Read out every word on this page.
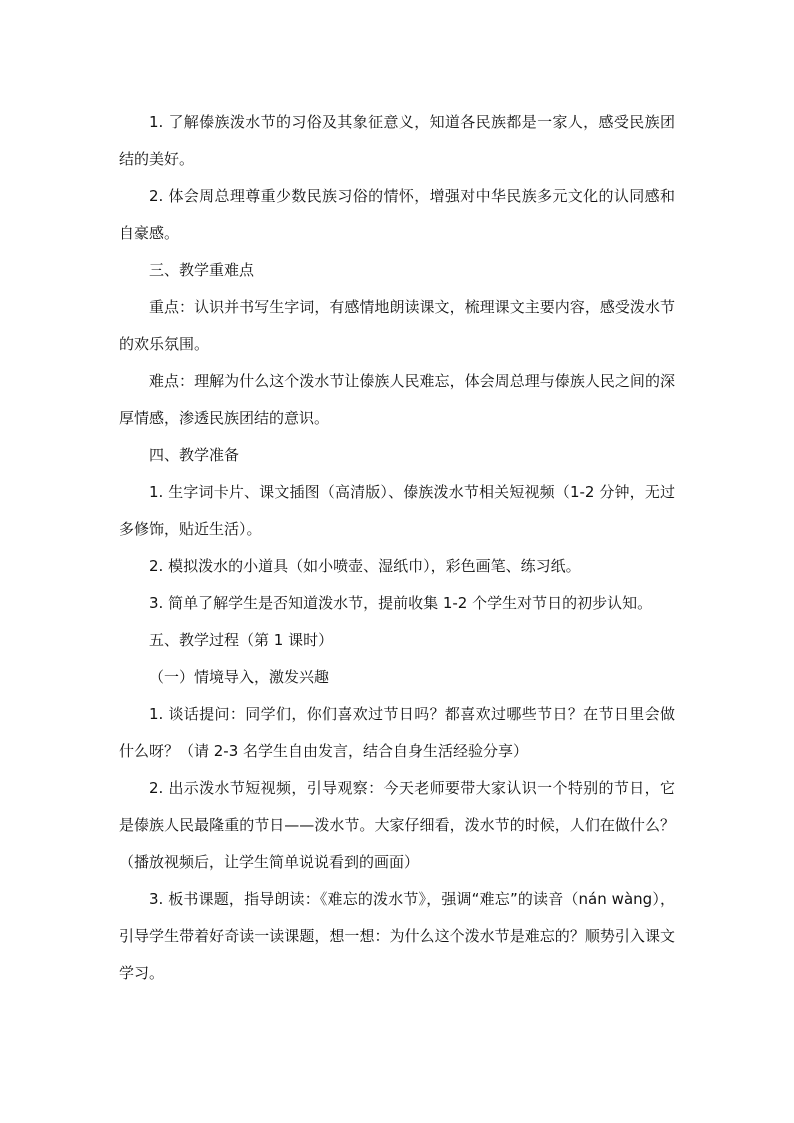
1. 了解傣族泼水节的习俗及其象征意义，知道各民族都是一家人，感受民族团结的美好。

2. 体会周总理尊重少数民族习俗的情怀，增强对中华民族多元文化的认同感和自豪感。

三、教学重难点

重点：认识并书写生字词，有感情地朗读课文，梳理课文主要内容，感受泼水节的欢乐氛围。

难点：理解为什么这个泼水节让傣族人民难忘，体会周总理与傣族人民之间的深厚情感，渗透民族团结的意识。

四、教学准备

1. 生字词卡片、课文插图（高清版）、傣族泼水节相关短视频（1-2 分钟，无过多修饰，贴近生活）。

2. 模拟泼水的小道具（如小喷壶、湿纸巾），彩色画笔、练习纸。

3. 简单了解学生是否知道泼水节，提前收集 1-2 个学生对节日的初步认知。

五、教学过程（第 1 课时）

（一）情境导入，激发兴趣

1. 谈话提问：同学们，你们喜欢过节日吗？都喜欢过哪些节日？在节日里会做什么呀？（请 2-3 名学生自由发言，结合自身生活经验分享）

2. 出示泼水节短视频，引导观察：今天老师要带大家认识一个特别的节日，它是傣族人民最隆重的节日——泼水节。大家仔细看，泼水节的时候，人们在做什么？（播放视频后，让学生简单说说看到的画面）

3. 板书课题，指导朗读：《难忘的泼水节》，强调“难忘”的读音（nán wàng），引导学生带着好奇读一读课题，想一想：为什么这个泼水节是难忘的？顺势引入课文学习。
